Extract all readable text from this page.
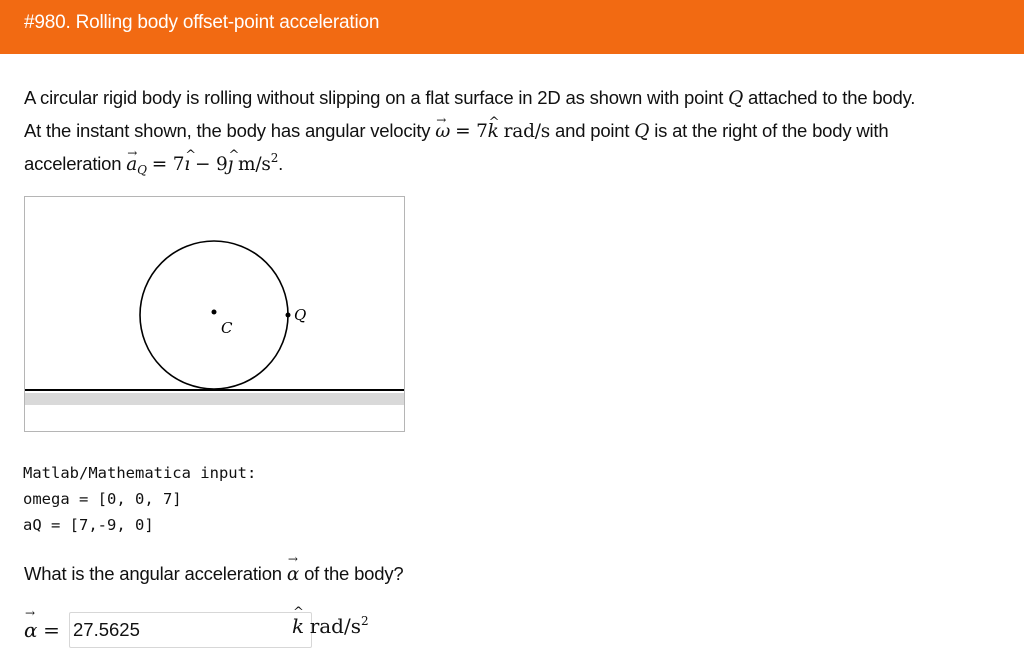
#980. Rolling body offset-point acceleration
A circular rigid body is rolling without slipping on a flat surface in 2D as shown with point Q attached to the body.
At the instant shown, the body has angular velocity → ω = 7^ k rad/s and point Q is at the right of the body with
acceleration → $a_Q$ = 7^ ı − 9^ ȷ $m/s^2$.
C
Q
Matlab/Mathematica input:
omega = [0, 0, 7]
aQ = [7,-9, 0]
What is the angular acceleration → α of the body?
→ α =
27.5625
^	k rad/$s^2$
